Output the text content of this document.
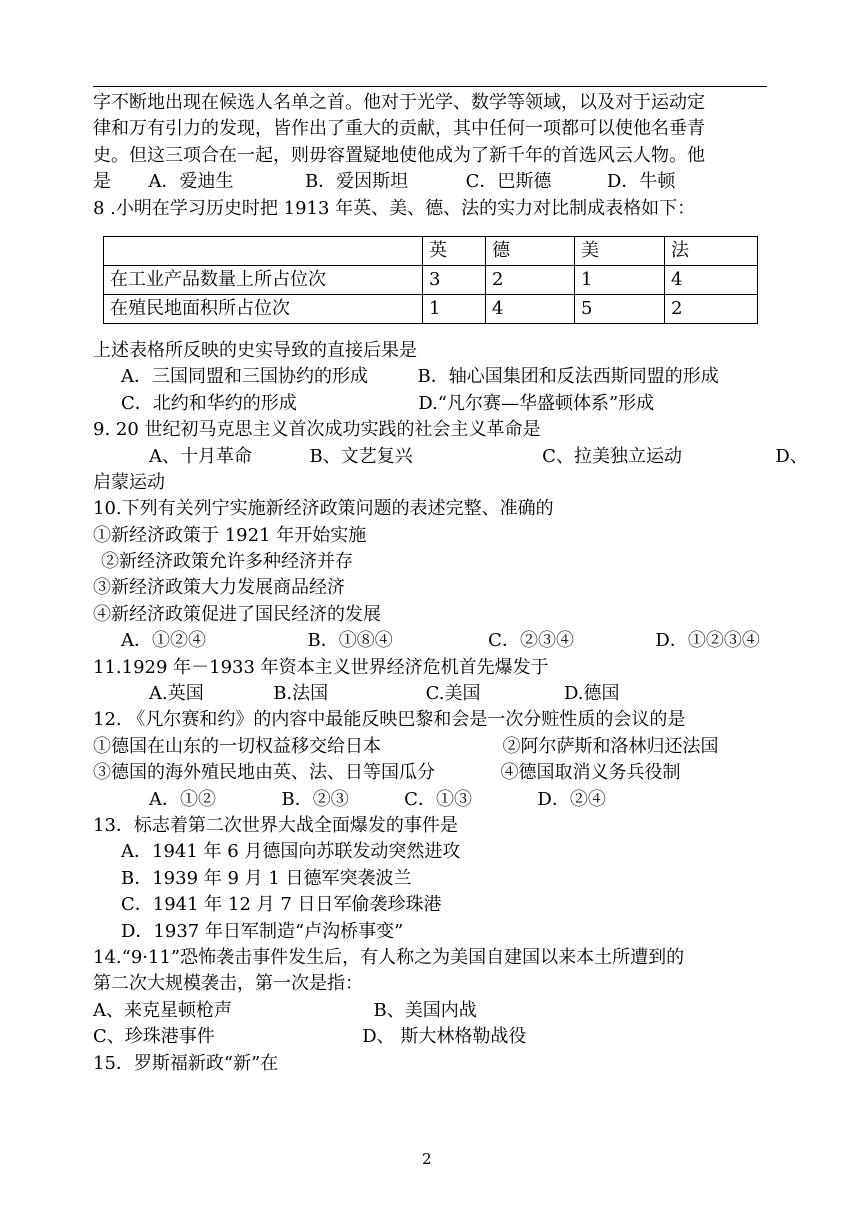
字不断地出现在候选人名单之首。他对于光学、数学等领域，以及对于运动定
律和万有引力的发现，皆作出了重大的贡献，其中任何一项都可以使他名垂青
史。但这三项合在一起，则毋容置疑地使他成为了新千年的首选风云人物。他
是 A．爱迪生	B．爱因斯坦	C．巴斯德	D．牛顿
8 .小明在学习历史时把 1913 年英、美、德、法的实力对比制成表格如下：
	英	德	美	法
在工业产品数量上所占位次	3	2	1	4
在殖民地面积所占位次	1	4	5	2
上述表格所反映的史实导致的直接后果是
A．三国同盟和三国协约的形成	B．轴心国集团和反法西斯同盟的形成
C．北约和华约的形成	D.“凡尔赛—华盛顿体系”形成
9. 20 世纪初马克思主义首次成功实践的社会主义革命是
A、十月革命	B、文艺复兴	C、拉美独立运动	D、
启蒙运动
10.下列有关列宁实施新经济政策问题的表述完整、准确的
①新经济政策于 1921 年开始实施
②新经济政策允许多种经济并存
③新经济政策大力发展商品经济
④新经济政策促进了国民经济的发展
A．①②④	B．①⑧④	C．②③④	D．①②③④
11.1929 年－1933 年资本主义世界经济危机首先爆发于
A.英国	B.法国	C.美国	D.德国
12. 《凡尔赛和约》的内容中最能反映巴黎和会是一次分赃性质的会议的是
①德国在山东的一切权益移交给日本	②阿尔萨斯和洛林归还法国
③德国的海外殖民地由英、法、日等国瓜分	④德国取消义务兵役制
A．①②	B．②③	C．①③	D．②④
13．标志着第二次世界大战全面爆发的事件是
A．1941 年 6 月德国向苏联发动突然进攻
B．1939 年 9 月 1 日德军突袭波兰
C．1941 年 12 月 7 日日军偷袭珍珠港
D．1937 年日军制造“卢沟桥事变”
14.“9·11”恐怖袭击事件发生后，有人称之为美国自建国以来本土所遭到的
第二次大规模袭击，第一次是指：
A、来克星顿枪声	B、美国内战
C、珍珠港事件	D、 斯大林格勒战役
15．罗斯福新政“新”在
2
